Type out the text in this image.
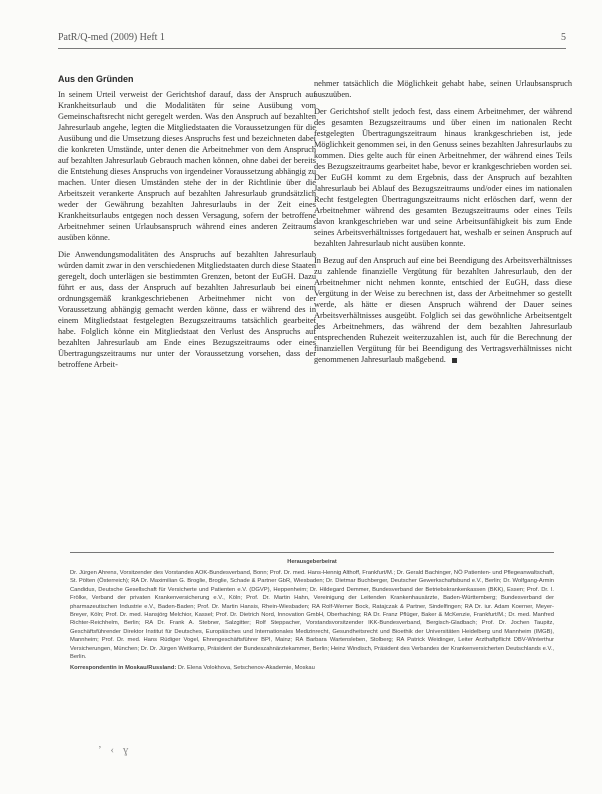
PatR/Q-med (2009) Heft 1	5
Aus den Gründen

In seinem Urteil verweist der Gerichtshof darauf, dass der Anspruch auf Krankheitsurlaub und die Modalitäten für seine Ausübung vom Gemeinschaftsrecht nicht geregelt werden. Was den Anspruch auf bezahlten Jahresurlaub angehe, legten die Mitgliedstaaten die Voraussetzungen für die Ausübung und die Umsetzung dieses Anspruchs fest und bezeichneten dabei die konkreten Umstände, unter denen die Arbeitnehmer von dem Anspruch auf bezahlten Jahresurlaub Gebrauch machen können, ohne dabei der bereits die Entstehung dieses Anspruchs von irgendeiner Voraussetzung abhängig zu machen. Unter diesen Umständen stehe der in der Richtlinie über die Arbeitszeit verankerte Anspruch auf bezahlten Jahresurlaub grundsätzlich weder der Gewährung bezahlten Jahresurlaubs in der Zeit eines Krankheitsurlaubs entgegen noch dessen Versagung, sofern der betroffene Arbeitnehmer seinen Urlaubsanspruch während eines anderen Zeitraums ausüben könne.

Die Anwendungsmodalitäten des Anspruchs auf bezahlten Jahresurlaub würden damit zwar in den verschiedenen Mitgliedstaaten durch diese Staaten geregelt, doch unterlägen sie bestimmten Grenzen, betont der EuGH. Dazu führt er aus, dass der Anspruch auf bezahlten Jahresurlaub bei einem ordnungsgemäß krankgeschriebenen Arbeitnehmer nicht von der Voraussetzung abhängig gemacht werden könne, dass er während des in einem Mitgliedstaat festgelegten Bezugszeitraums tatsächlich gearbeitet habe. Folglich könne ein Mitgliedstaat den Verlust des Anspruchs auf bezahlten Jahresurlaub am Ende eines Bezugszeitraums oder eines Übertragungszeitraums nur unter der Voraussetzung vorsehen, dass der betroffene Arbeit-

nehmer tatsächlich die Möglichkeit gehabt habe, seinen Urlaubsanspruch auszuüben.

Der Gerichtshof stellt jedoch fest, dass einem Arbeitnehmer, der während des gesamten Bezugszeitraums und über einen im nationalen Recht festgelegten Übertragungszeitraum hinaus krankgeschrieben ist, jede Möglichkeit genommen sei, in den Genuss seines bezahlten Jahresurlaubs zu kommen. Dies gelte auch für einen Arbeitnehmer, der während eines Teils des Bezugszeitraums gearbeitet habe, bevor er krankgeschrieben worden sei. Der EuGH kommt zu dem Ergebnis, dass der Anspruch auf bezahlten Jahresurlaub bei Ablauf des Bezugszeitraums und/oder eines im nationalen Recht festgelegten Übertragungszeitraums nicht erlöschen darf, wenn der Arbeitnehmer während des gesamten Bezugszeitraums oder eines Teils davon krankgeschrieben war und seine Arbeitsunfähigkeit bis zum Ende seines Arbeitsverhältnisses fortgedauert hat, weshalb er seinen Anspruch auf bezahlten Jahresurlaub nicht ausüben konnte.

In Bezug auf den Anspruch auf eine bei Beendigung des Arbeitsverhältnisses zu zahlende finanzielle Vergütung für bezahlten Jahresurlaub, den der Arbeitnehmer nicht nehmen konnte, entschied der EuGH, dass diese Vergütung in der Weise zu berechnen ist, dass der Arbeitnehmer so gestellt werde, als hätte er diesen Anspruch während der Dauer seines Arbeitsverhältnisses ausgeübt. Folglich sei das gewöhnliche Arbeitsentgelt des Arbeitnehmers, das während der dem bezahlten Jahresurlaub entsprechenden Ruhezeit weiterzuzahlen ist, auch für die Berechnung der finanziellen Vergütung für bei Beendigung des Vertragsverhältnisses nicht genommenen Jahresurlaub maßgebend.

Herausgeberbeirat
Dr. Jürgen Ahrens, Vorsitzender des Vorstandes AOK-Bundesverband, Bonn; Prof. Dr. med. Hans-Hennig Althoff, Frankfurt/M.; Dr. Gerald Bachinger, NÖ Patienten- und Pflegeanwaltschaft, St. Pölten (Österreich); RA Dr. Maximilian G. Broglie, Broglie, Schade & Partner GbR, Wiesbaden; Dr. Dietmar Buchberger, Deutscher Gewerkschaftsbund e.V., Berlin; Dr. Wolfgang-Armin Candidus, Deutsche Gesellschaft für Versicherte und Patienten e.V. (DGVP), Heppenheim; Dr. Hildegard Demmer, Bundesverband der Betriebskrankenkassen (BKK), Essen; Prof. Dr. I. Frölke, Verband der privaten Krankenversicherung e.V., Köln; Prof. Dr. Martin Hahn, Vereinigung der Leitenden Krankenhausärzte, Baden-Württemberg; Bundesverband der pharmazeutischen Industrie e.V., Baden-Baden; Prof. Dr. Martin Hansis, Rhein-Wiesbaden; RA Rolf-Werner Bock, Ratajczak & Partner, Sindelfingen; RA Dr. iur. Adam Koerner, Meyer-Breyer, Köln; Prof. Dr. med. Hansjörg Melchior, Kassel; Prof. Dr. Dietrich Nord, Innovation GmbH, Oberhaching; RA Dr. Franz Pflüger, Baker & McKenzie, Frankfurt/M.; Dr. med. Manfred Richter-Reichhelm, Berlin; RA Dr. Frank A. Stebner, Salzgitter; Rolf Steppacher, Vorstandsvorsitzender IKK-Bundesverband, Bergisch-Gladbach; Prof. Dr. Jochen Taupitz, Geschäftsführender Direktor Institut für Deutsches, Europäisches und Internationales Medizinrecht, Gesundheitsrecht und Bioethik der Universitäten Heidelberg und Mannheim (IMGB), Mannheim; Prof. Dr. med. Hans Rüdiger Vogel, Ehrengeschäftsführer BPI, Mainz; RA Barbara Wartensleben, Stolberg; RA Patrick Weidinger, Leiter Arzthaftpflicht DBV-Winterthur Versicherungen, München; Dr. Dr. Jürgen Weitkamp, Präsident der Bundeszahnärztekammer, Berlin; Heinz Windisch, Präsident des Verbandes der Krankenversicherten Deutschlands e.V., Berlin.
Korrespondentin in Moskau/Russland: Dr. Elena Volokhova, Setschenov-Akademie, Moskau
ʼ ‹ ɣ
